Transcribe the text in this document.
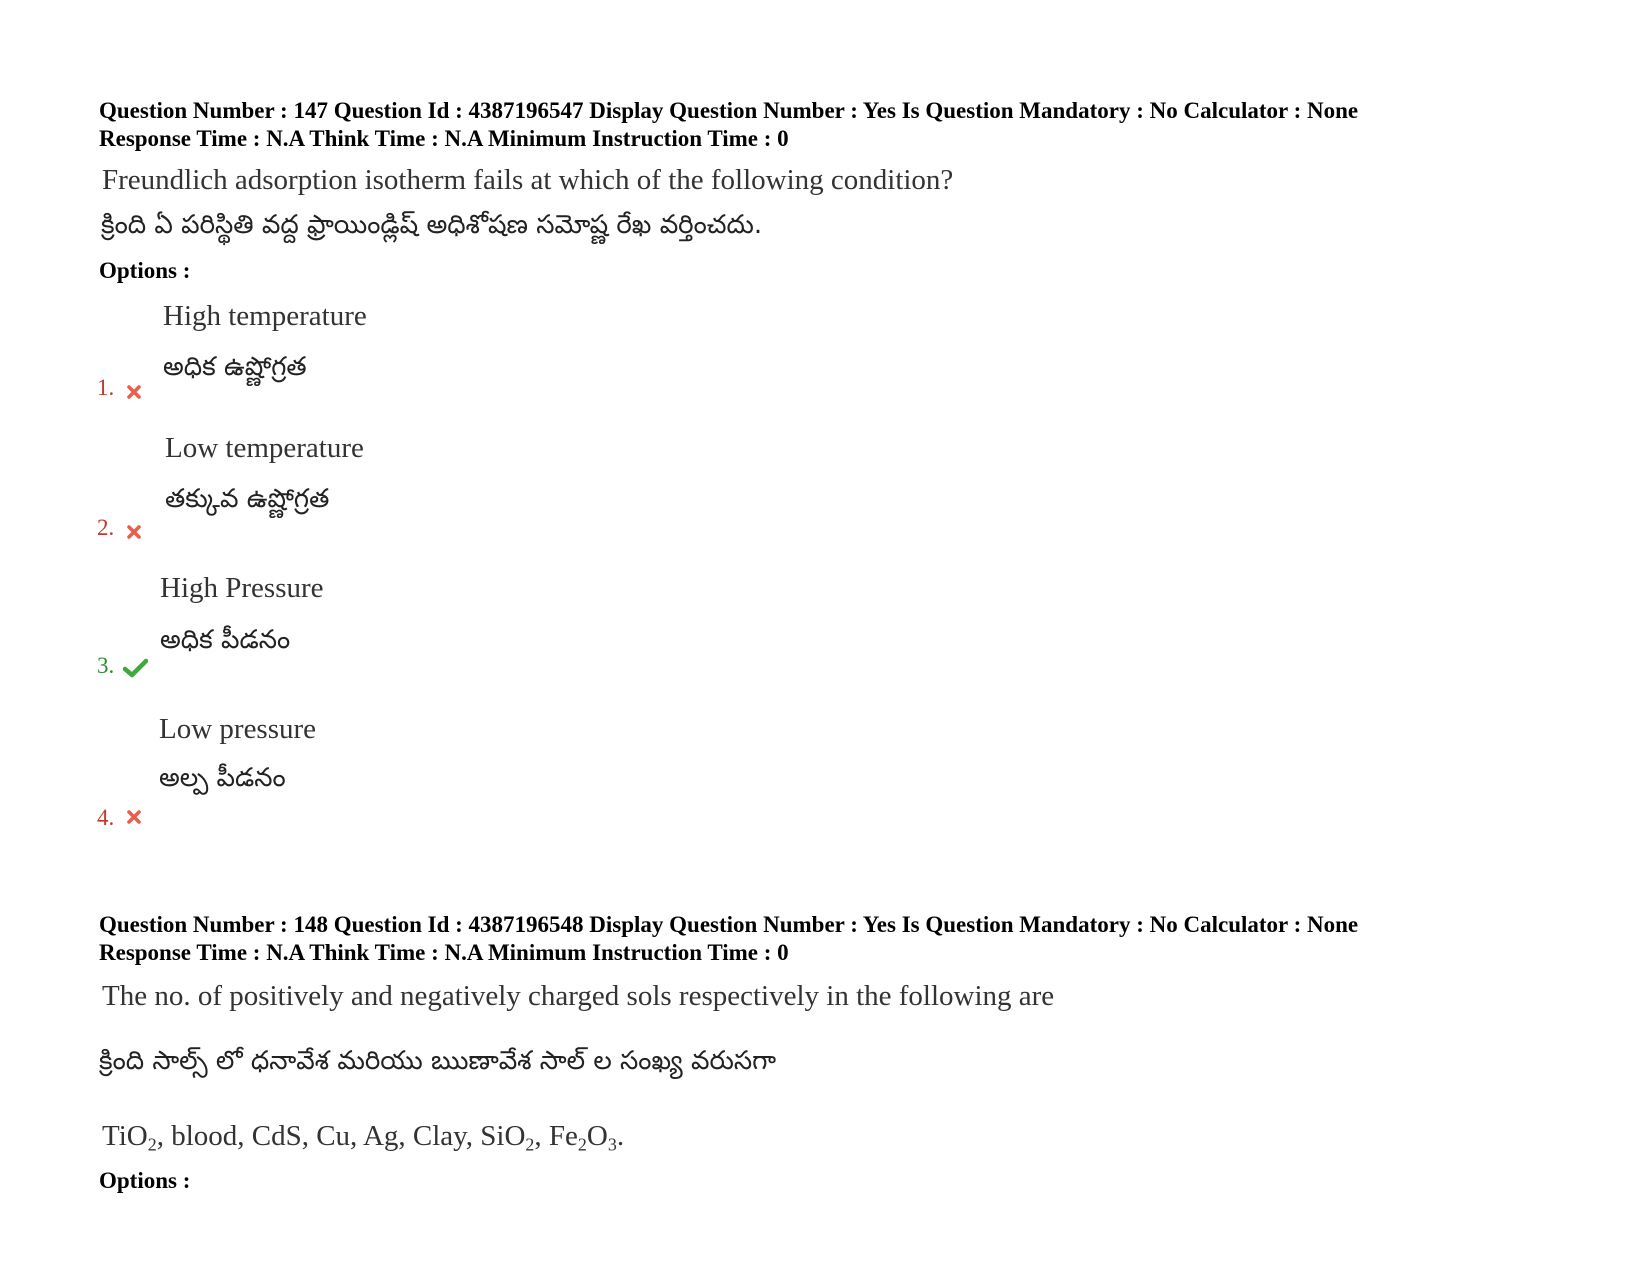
Question Number : 147 Question Id : 4387196547 Display Question Number : Yes Is Question Mandatory : No Calculator : None
Response Time : N.A Think Time : N.A Minimum Instruction Time : 0
Freundlich adsorption isotherm fails at which of the following condition?
క్రింది ఏ పరిస్థితి వద్ద ఫ్రాయిండ్లిష్ అధిశోషణ సమోష్ణ రేఖ వర్తించదు.
Options :
High temperature
అధిక ఉష్ణోగ్రత
1.
Low temperature
తక్కువ ఉష్ణోగ్రత
2.
High Pressure
అధిక పీడనం
3.
Low pressure
అల్ప పీడనం
4.
Question Number : 148 Question Id : 4387196548 Display Question Number : Yes Is Question Mandatory : No Calculator : None
Response Time : N.A Think Time : N.A Minimum Instruction Time : 0
The no. of positively and negatively charged sols respectively in the following are
క్రింది సాల్స్ లో ధనావేశ మరియు ఋణావేశ సాల్ ల సంఖ్య వరుసగా
TiO$_2$, blood, CdS, Cu, Ag, Clay, SiO$_2$, $Fe_2O_3$.
Options :
